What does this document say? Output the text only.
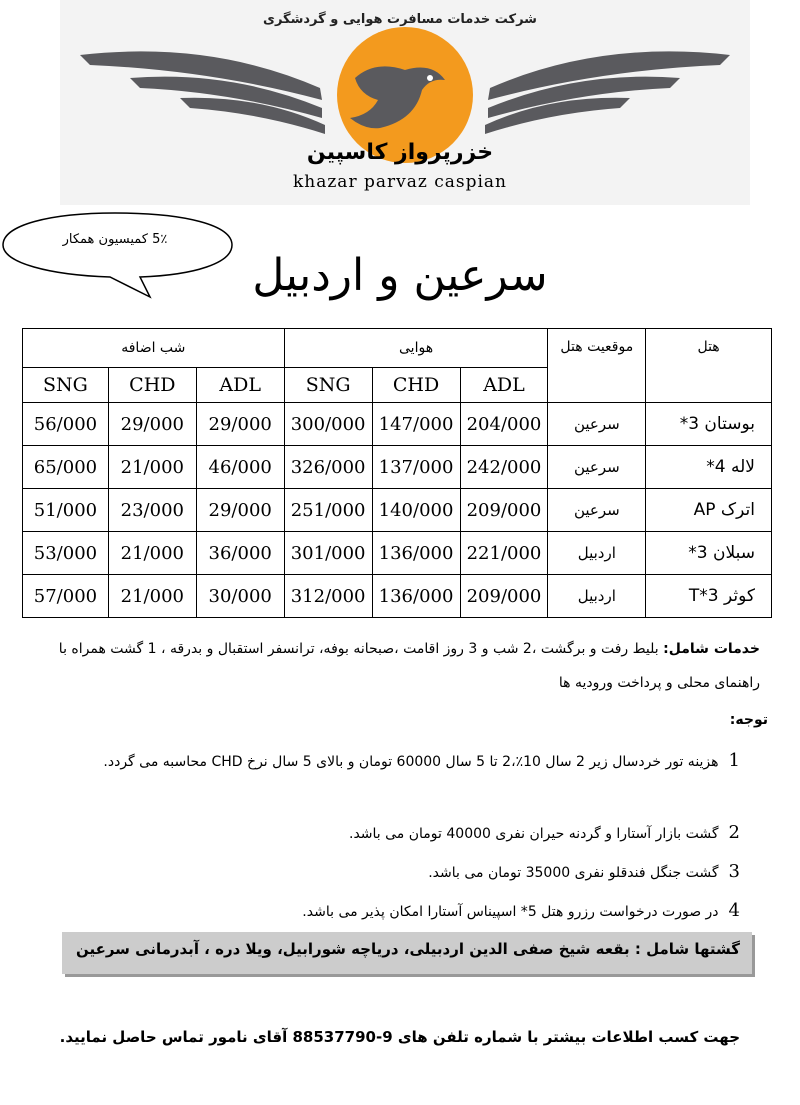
خزرپرواز کاسپین
khazar parvaz caspian
شرکت خدمات مسافرت هوایی و گردشگری
5٪ کمیسیون همکار
سرعین و اردبیل
شب اضافه			هوایی			موقعیت هتل	هتل
SNG	CHD	ADL	SNG	CHD	ADL		
56/000	29/000	29/000	300/000	147/000	204/000	سرعین	بوستان 3*
65/000	21/000	46/000	326/000	137/000	242/000	سرعین	لاله 4*
51/000	23/000	29/000	251/000	140/000	209/000	سرعین	اترک AP
53/000	21/000	36/000	301/000	136/000	221/000	اردبیل	سبلان 3*
57/000	21/000	30/000	312/000	136/000	209/000	اردبیل	کوثر 3*T
خدمات شامل: بلیط رفت و برگشت ،2 شب و 3 روز اقامت ،صبحانه بوفه، ترانسفر استقبال و بدرقه ، 1 گشت همراه با راهنمای محلی و پرداخت ورودیه ها
توجه:
1هزینه تور خردسال زیر 2 سال 10٪،2 تا 5 سال 60000 تومان و بالای 5 سال نرخ CHD محاسبه می گردد.
2گشت بازار آستارا و گردنه حیران نفری 40000 تومان می باشد.
3گشت جنگل فندقلو نفری 35000 تومان می باشد.
4در صورت درخواست رزرو هتل 5* اسپیناس آستارا امکان پذیر می باشد.
گشتها شامل : بقعه شیخ صفی الدین اردبیلی، دریاچه شورابیل، ویلا دره ، آبدرمانی سرعین
جهت کسب اطلاعات بیشتر با شماره تلفن های 9-88537790 آقای نامور تماس حاصل نمایید.
